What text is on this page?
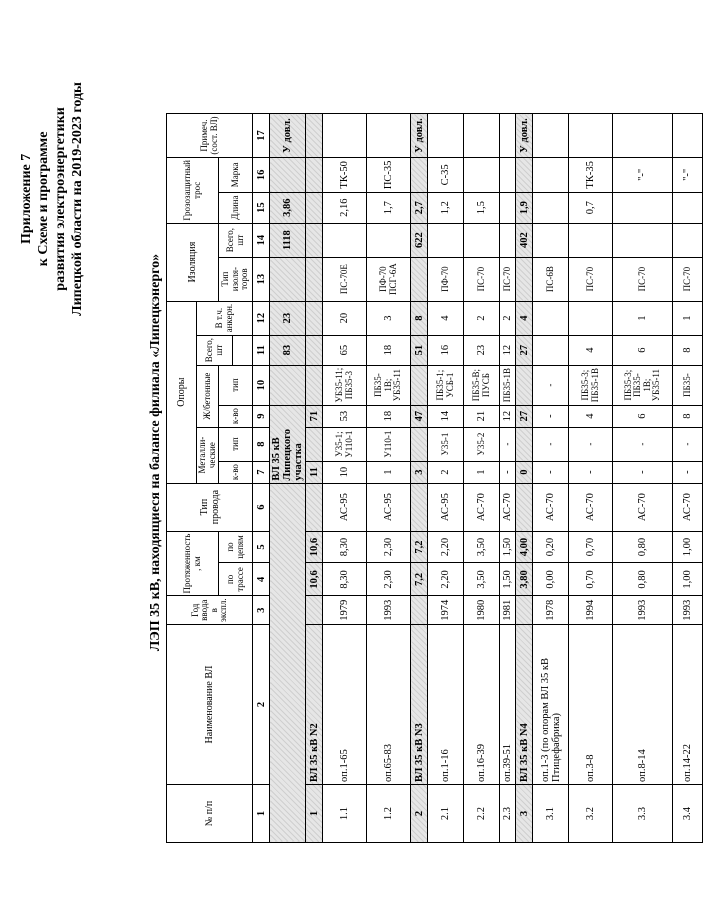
Приложение 7 к Схеме и программе развития электроэнергетики Липецкой области на 2019-2023 годы
ЛЭП 35 кВ, находящиеся на балансе филиала «Липецкэнерго»
№ п/п	Наименование ВЛ	Год ввода в экспл.	Протяженность , км		Тип провода	Опоры						Изоляция		Грозозащитный трос		Примеч. (сост. ВЛ)
						Металли-ческие		Ж/бетонные		Всего, шт	В т.ч. анкерн.					
			по трассе	по цепям		к-во	тип	к-во	тип			Тип изоля-торов	Всего, шт	Длина	Марка	

1	2	3	4	5	6	7	8	9	10	11	12	13	14	15	16	17
						ВЛ 35 кВ Липецкого участка				83	23		1118	3,86		У довл.
1	ВЛ 35 кВ N2		10,6	10,6		11		71								
1.1	оп.1-65	1979	8,30	8,30	АС-95	10	У35-1; У110-1	53	УБ35-11; ПБ35-3	65	20	ПС-70Е		2,16	ТК-50	
1.2	оп.65-83	1993	2,30	2,30	АС-95	1	У110-1	18	ПБ35-1В; УБ35-11	18	3	ПФ-70 ПСГ-6А		1,7	ПС-35	
2	ВЛ 35 кВ N3		7,2	7,2		3		47		51	8		622	2,7		У довл.
2.1	оп.1-16	1974	2,20	2,20	АС-95	2	У35-1	14	ПБ35-1; УСБ-1	16	4	ПФ-70		1,2	С-35	
2.2	оп.16-39	1980	3,50	3,50	АС-70	1	У35-2	21	ПБ35-В; ПУСБ	23	2	ПС-70		1,5		
2.3	оп.39-51	1981	1,50	1,50	АС-70	-	-	12	ПБ35-1В	12	2	ПС-70				
3	ВЛ 35 кВ N4		3,80	4,00		0		27		27	4		402	1,9		У довл.
3.1	оп.1-3 (по опорам ВЛ 35 кВ Птицефабрика)	1978	0,00	0,20	АС-70	-	-	-	-			ПС-6В				
3.2	оп.3-8	1994	0,70	0,70	АС-70	-	-	4	ПБ35-3; ПБ35-1В	4		ПС-70		0,7	ТК-35	
3.3	оп.8-14	1993	0,80	0,80	АС-70	-	-	6	ПБ35-3; ПБ35-1В; УБ35-11	6	1	ПС-70			"-"	
3.4	оп.14-22	1993	1,00	1,00	АС-70	-	-	8	ПБ35-	8	1	ПС-70			"-"	
